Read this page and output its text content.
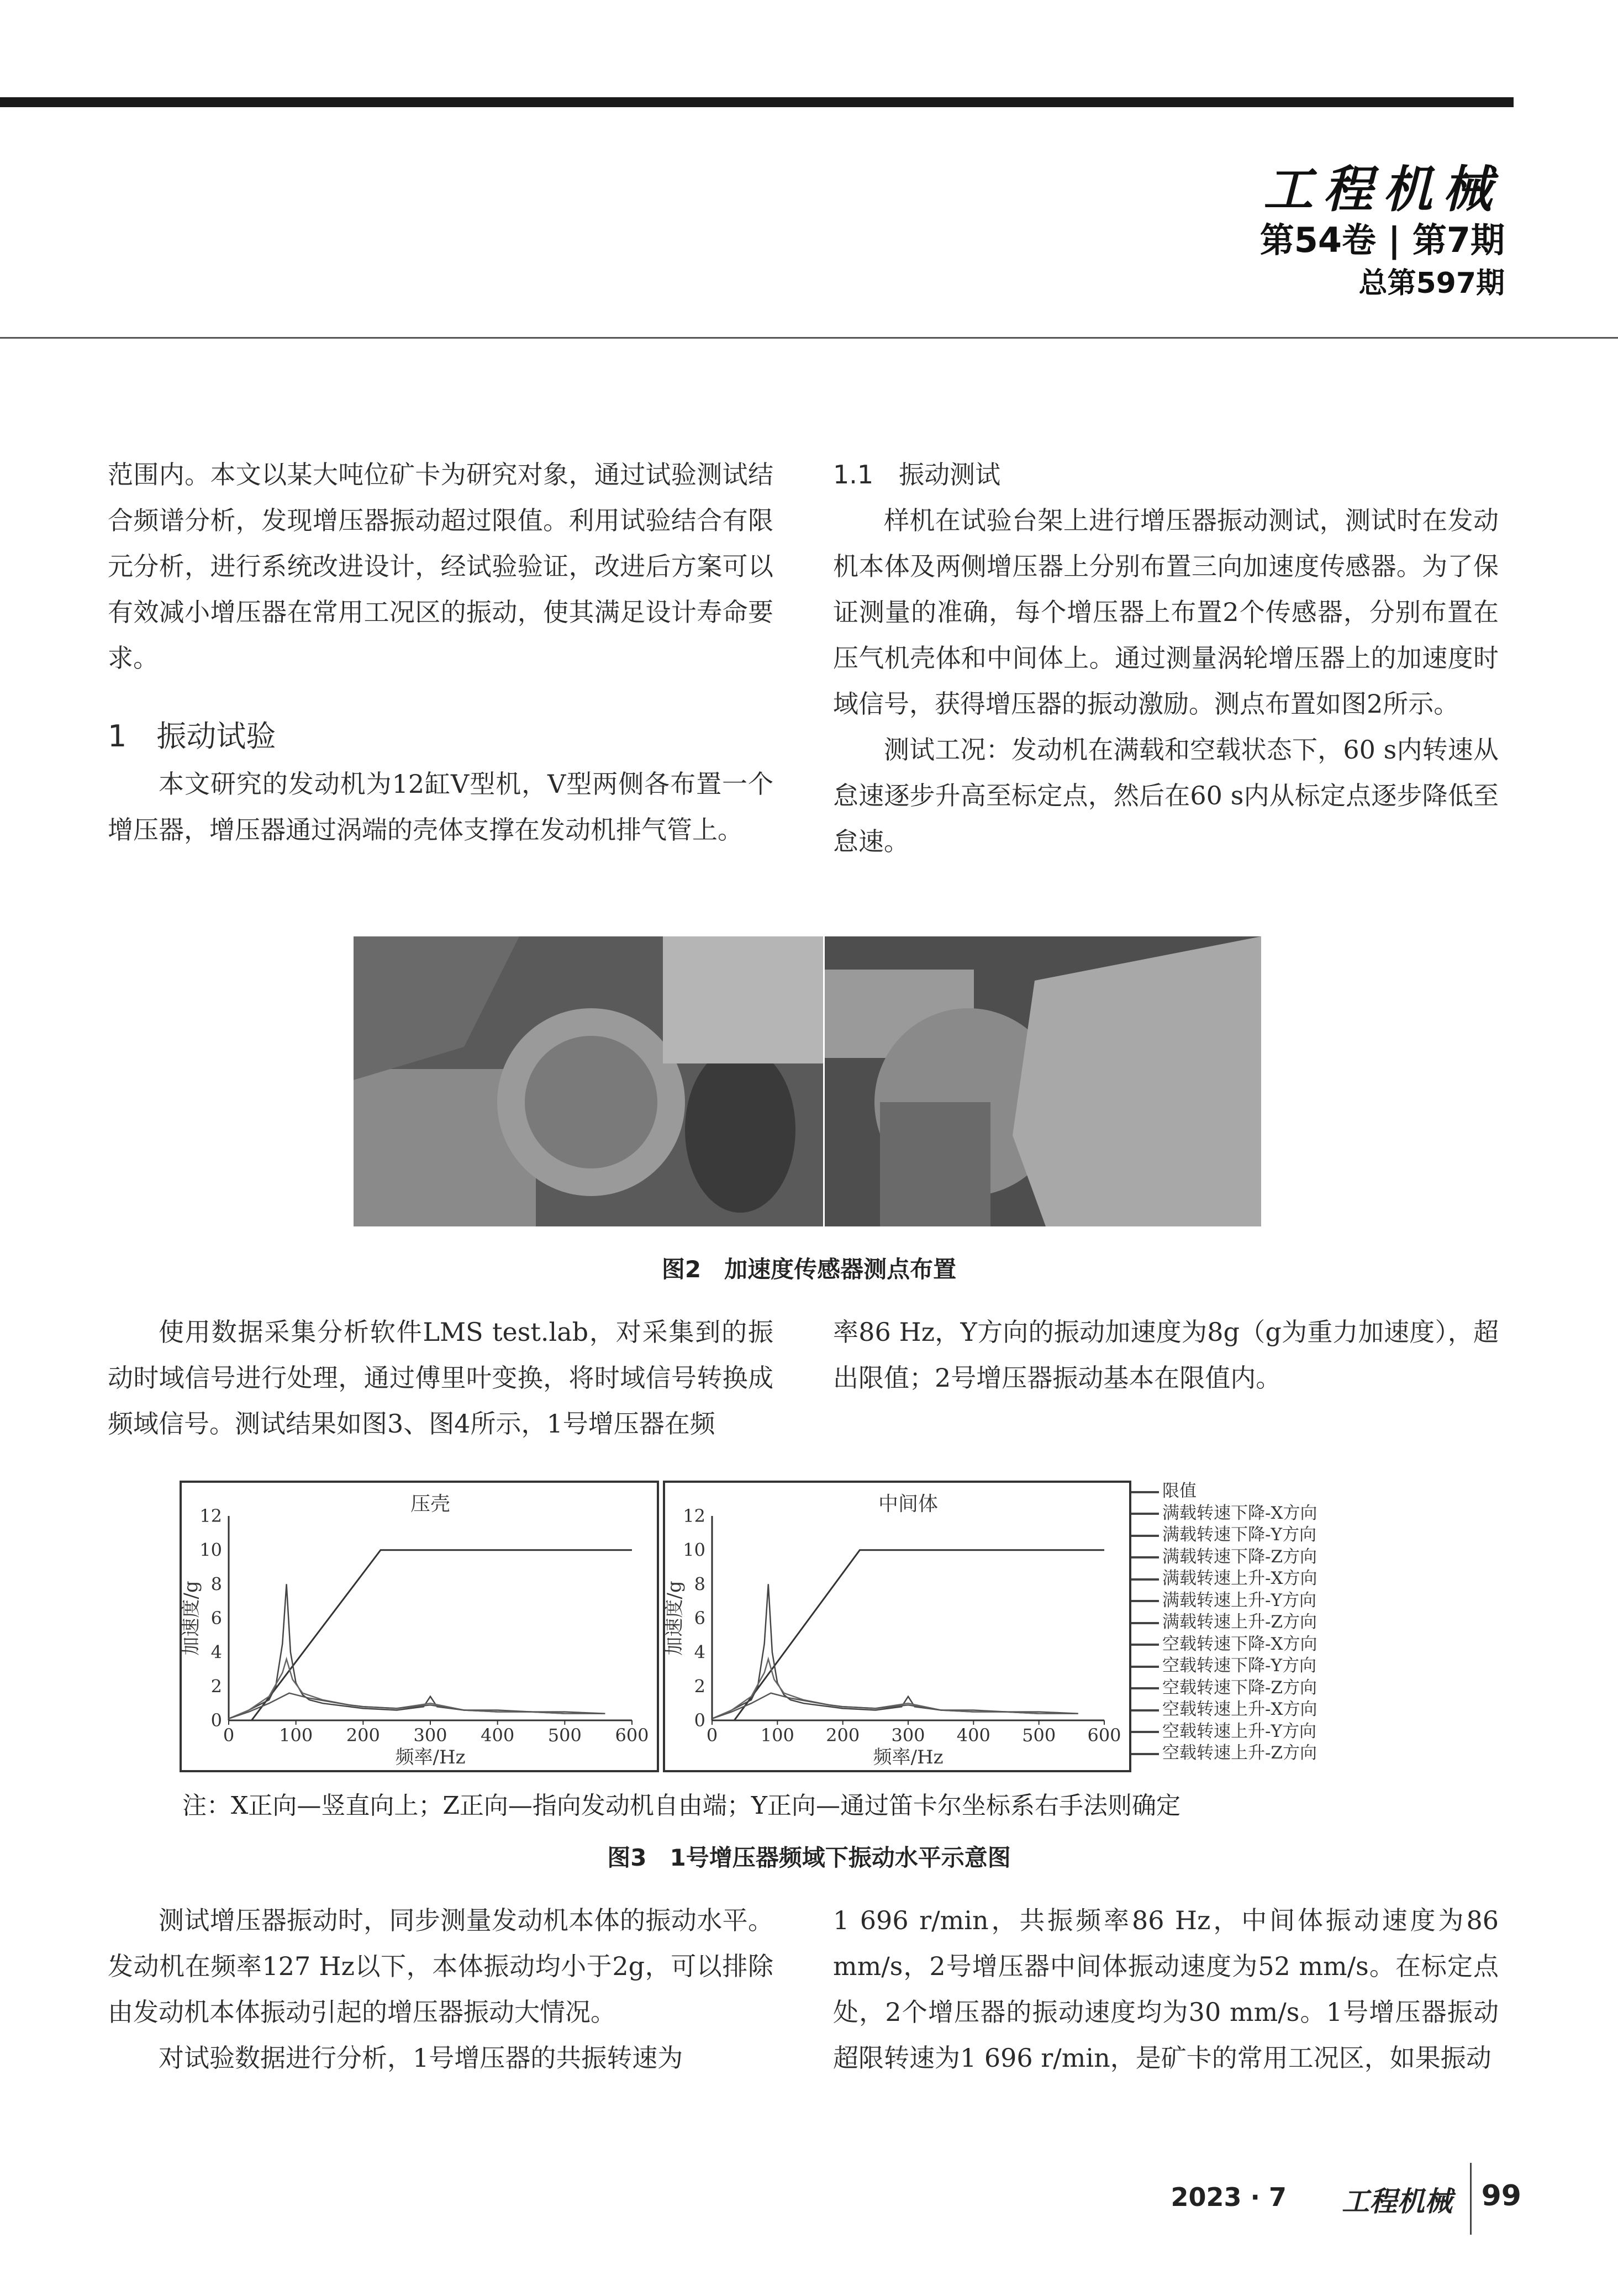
工程机械
第54卷 | 第7期
总第597期

范围内。本文以某大吨位矿卡为研究对象，通过试验测试结合频谱分析，发现增压器振动超过限值。利用试验结合有限元分析，进行系统改进设计，经试验验证，改进后方案可以有效减小增压器在常用工况区的振动，使其满足设计寿命要求。

1　振动试验

本文研究的发动机为12缸V型机，V型两侧各布置一个增压器，增压器通过涡端的壳体支撑在发动机排气管上。

1.1　振动测试

样机在试验台架上进行增压器振动测试，测试时在发动机本体及两侧增压器上分别布置三向加速度传感器。为了保证测量的准确，每个增压器上布置2个传感器，分别布置在压气机壳体和中间体上。通过测量涡轮增压器上的加速度时域信号，获得增压器的振动激励。测点布置如图2所示。

测试工况：发动机在满载和空载状态下，60 s内转速从怠速逐步升高至标定点，然后在60 s内从标定点逐步降低至怠速。

图2　加速度传感器测点布置

使用数据采集分析软件LMS test.lab，对采集到的振动时域信号进行处理，通过傅里叶变换，将时域信号转换成频域信号。测试结果如图3、图4所示，1号增压器在频

率86 Hz，Y方向的振动加速度为8g（g为重力加速度），超出限值；2号增压器振动基本在限值内。

压壳
0	100 200 300 400 500 600
0
2
4
6
8
10
12
频率/Hz
加速度/g
中间体
0 100 200 300 400 500 600
0
2
4
6
8
10
12
频率/Hz
加速度/g
限值
满载转速下降-X方向
满载转速下降-Y方向
满载转速下降-Z方向
满载转速上升-X方向
满载转速上升-Y方向
满载转速上升-Z方向
空载转速下降-X方向
空载转速下降-Y方向
空载转速下降-Z方向
空载转速上升-X方向
空载转速上升-Y方向
空载转速上升-Z方向
注：X正向—竖直向上；Z正向—指向发动机自由端；Y正向—通过笛卡尔坐标系右手法则确定
图3　1号增压器频域下振动水平示意图

测试增压器振动时，同步测量发动机本体的振动水平。发动机在频率127 Hz以下，本体振动均小于2g，可以排除由发动机本体振动引起的增压器振动大情况。

对试验数据进行分析，1号增压器的共振转速为

1 696 r/min，共振频率86 Hz，中间体振动速度为86 mm/s，2号增压器中间体振动速度为52 mm/s。在标定点处，2个增压器的振动速度均为30 mm/s。1号增压器振动超限转速为1 696 r/min，是矿卡的常用工况区，如果振动

2023 · 7 工程机械 99
